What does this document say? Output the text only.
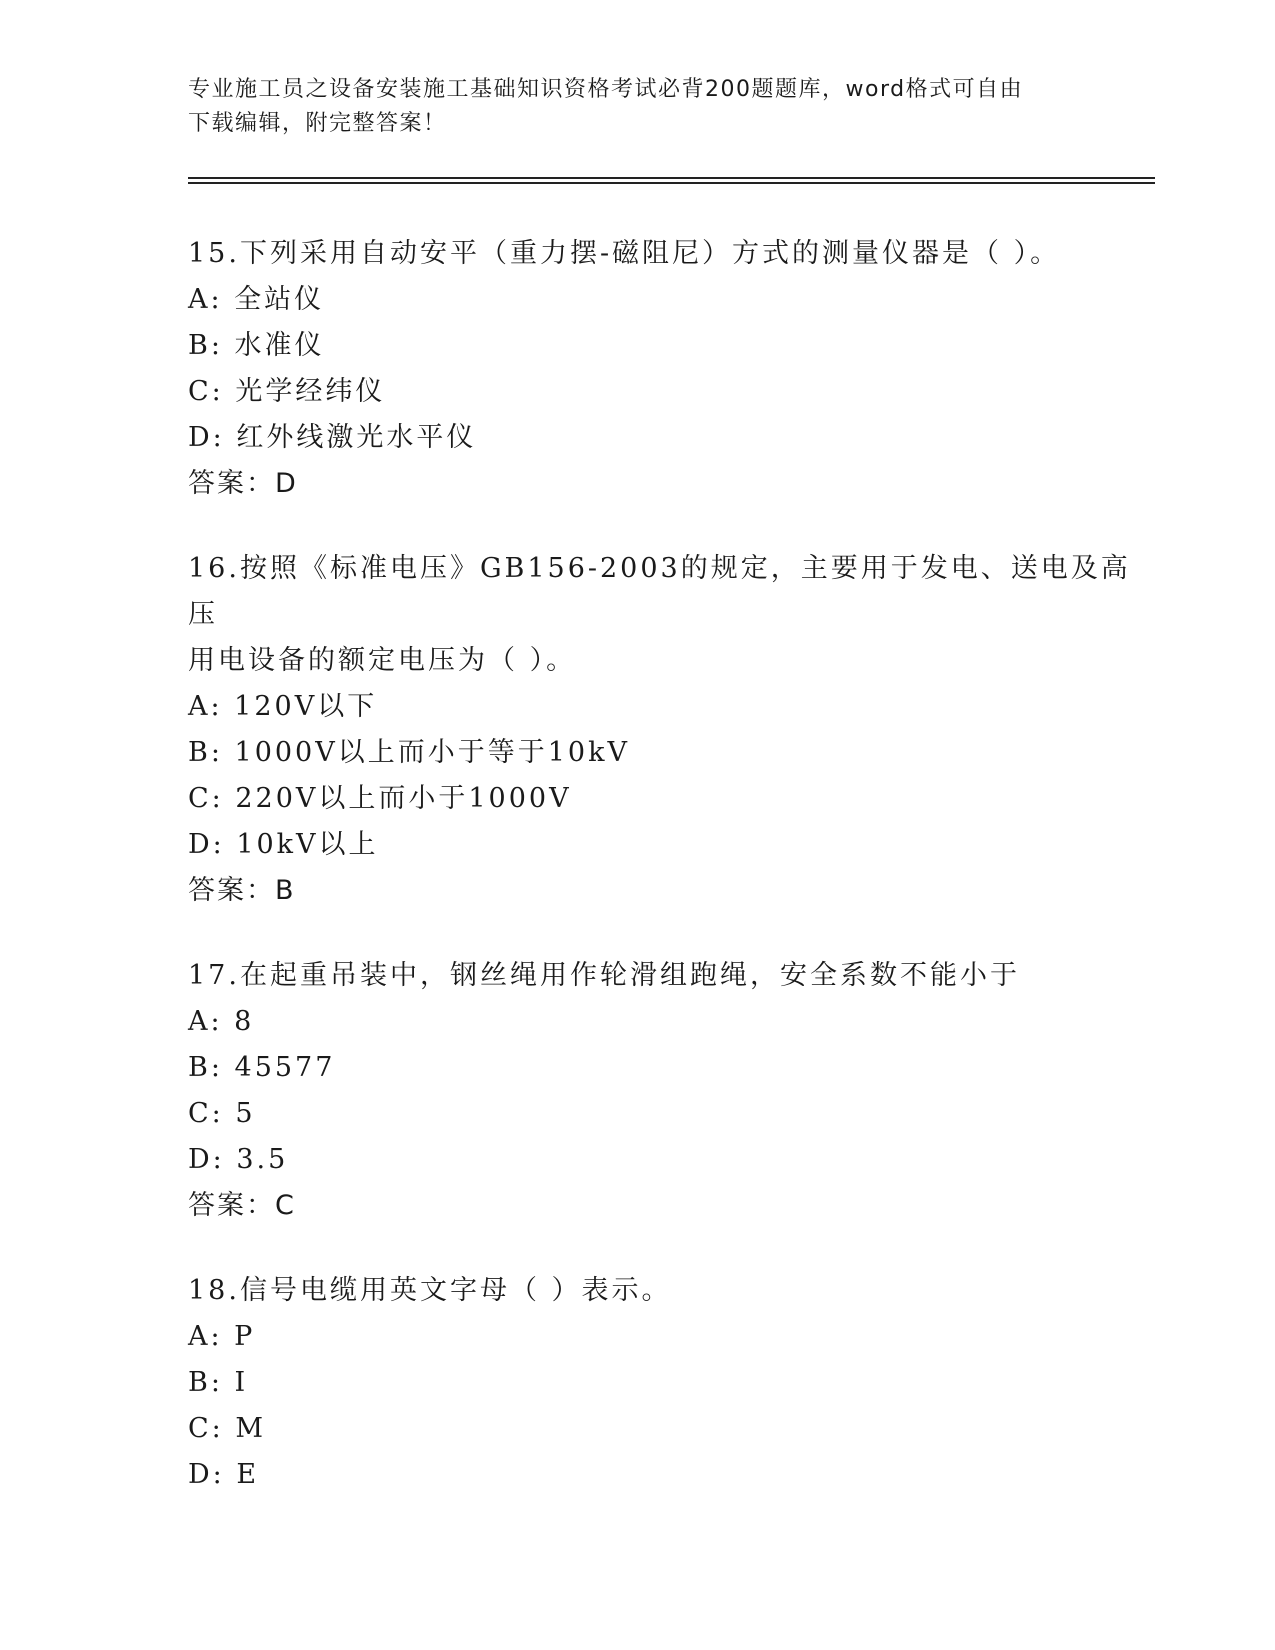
专业施工员之设备安装施工基础知识资格考试必背200题题库，word格式可自由
下载编辑，附完整答案！
15.下列采用自动安平（重力摆-磁阻尼）方式的测量仪器是（ ）。
A: 全站仪
B: 水准仪
C: 光学经纬仪
D: 红外线激光水平仪
答案：D
16.按照《标准电压》GB156-2003的规定，主要用于发电、送电及高压
用电设备的额定电压为（ ）。
A: 120V以下
B: 1000V以上而小于等于10kV
C: 220V以上而小于1000V
D: 10kV以上
答案：B
17.在起重吊装中，钢丝绳用作轮滑组跑绳，安全系数不能小于
A: 8
B: 45577
C: 5
D: 3.5
答案：C
18.信号电缆用英文字母（ ）表示。
A: P
B: I
C: M
D: E
